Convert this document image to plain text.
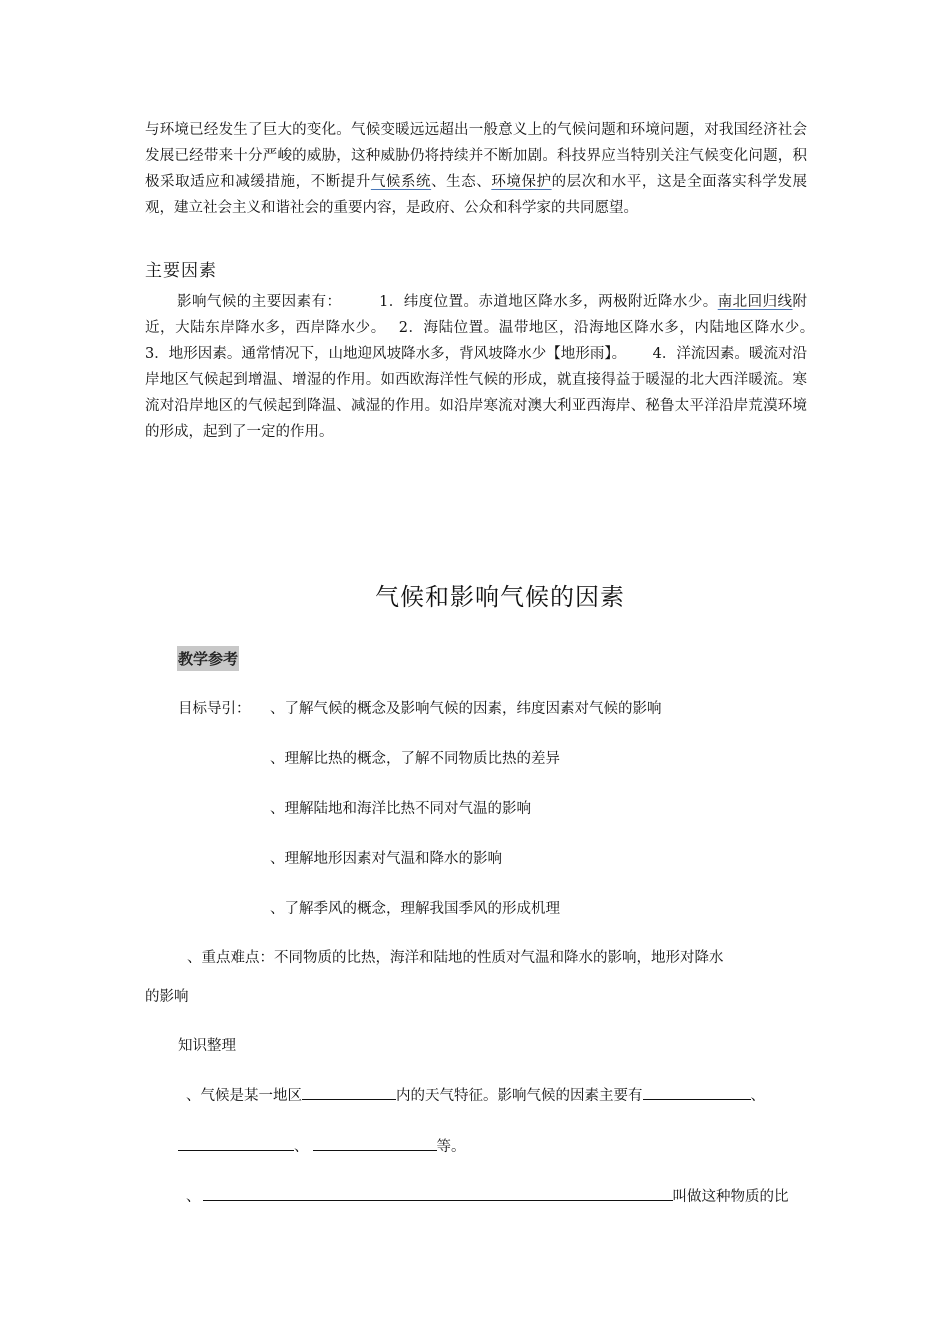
与环境已经发生了巨大的变化。气候变暖远远超出一般意义上的气候问题和环境问题，对我国经济社会发展已经带来十分严峻的威胁，这种威胁仍将持续并不断加剧。科技界应当特别关注气候变化问题，积极采取适应和减缓措施，不断提升气候系统、生态、环境保护的层次和水平，这是全面落实科学发展观，建立社会主义和谐社会的重要内容，是政府、公众和科学家的共同愿望。
主要因素
影响气候的主要因素有：　　　1．纬度位置。赤道地区降水多，两极附近降水少。南北回归线附近，大陆东岸降水多，西岸降水少。　 2．海陆位置。温带地区，沿海地区降水多，内陆地区降水少。　　 3．地形因素。通常情况下，山地迎风坡降水多，背风坡降水少【地形雨】。　　 4．洋流因素。暖流对沿岸地区气候起到增温、增湿的作用。如西欧海洋性气候的形成，就直接得益于暖湿的北大西洋暖流。寒流对沿岸地区的气候起到降温、减湿的作用。如沿岸寒流对澳大利亚西海岸、秘鲁太平洋沿岸荒漠环境的形成，起到了一定的作用。
气候和影响气候的因素
教学参考
目标导引： 、了解气候的概念及影响气候的因素，纬度因素对气候的影响
、理解比热的概念，了解不同物质比热的差异
、理解陆地和海洋比热不同对气温的影响
、理解地形因素对气温和降水的影响
、了解季风的概念，理解我国季风的形成机理
、重点难点：不同物质的比热，海洋和陆地的性质对气温和降水的影响，地形对降水
的影响
知识整理
、气候是某一地区	内的天气特征。影响气候的因素主要有	、
、	等。
、	叫做这种物质的比
